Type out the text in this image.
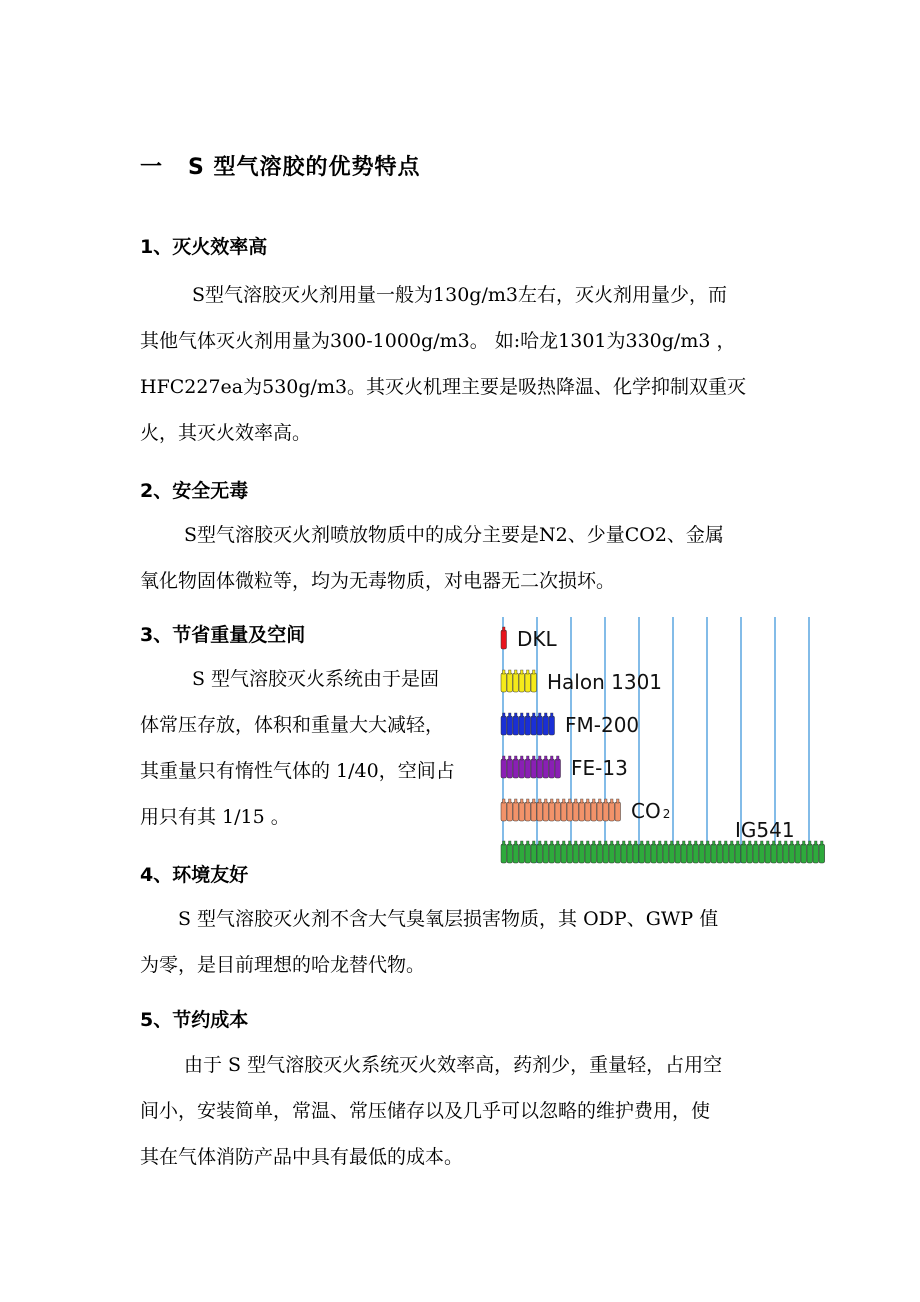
一 S 型气溶胶的优势特点
1、灭火效率高
S型气溶胶灭火剂用量一般为130g/m3左右，灭火剂用量少，而
其他气体灭火剂用量为300-1000g/m3。 如:哈龙1301为330g/m3 ，
HFC227ea为530g/m3。其灭火机理主要是吸热降温、化学抑制双重灭
火，其灭火效率高。
2、安全无毒
S型气溶胶灭火剂喷放物质中的成分主要是N2、少量CO2、金属
氧化物固体微粒等，均为无毒物质，对电器无二次损坏。
3、节省重量及空间
S 型气溶胶灭火系统由于是固
体常压存放，体积和重量大大减轻，
其重量只有惰性气体的 1/40，空间占
用只有其 1/15 。
DKL
Halon 1301
FM-200
FE-13
CO 2
IG541
4、环境友好
S 型气溶胶灭火剂不含大气臭氧层损害物质，其 ODP、GWP 值
为零，是目前理想的哈龙替代物。
5、节约成本
由于 S 型气溶胶灭火系统灭火效率高，药剂少，重量轻，占用空
间小，安装简单，常温、常压储存以及几乎可以忽略的维护费用，使
其在气体消防产品中具有最低的成本。
